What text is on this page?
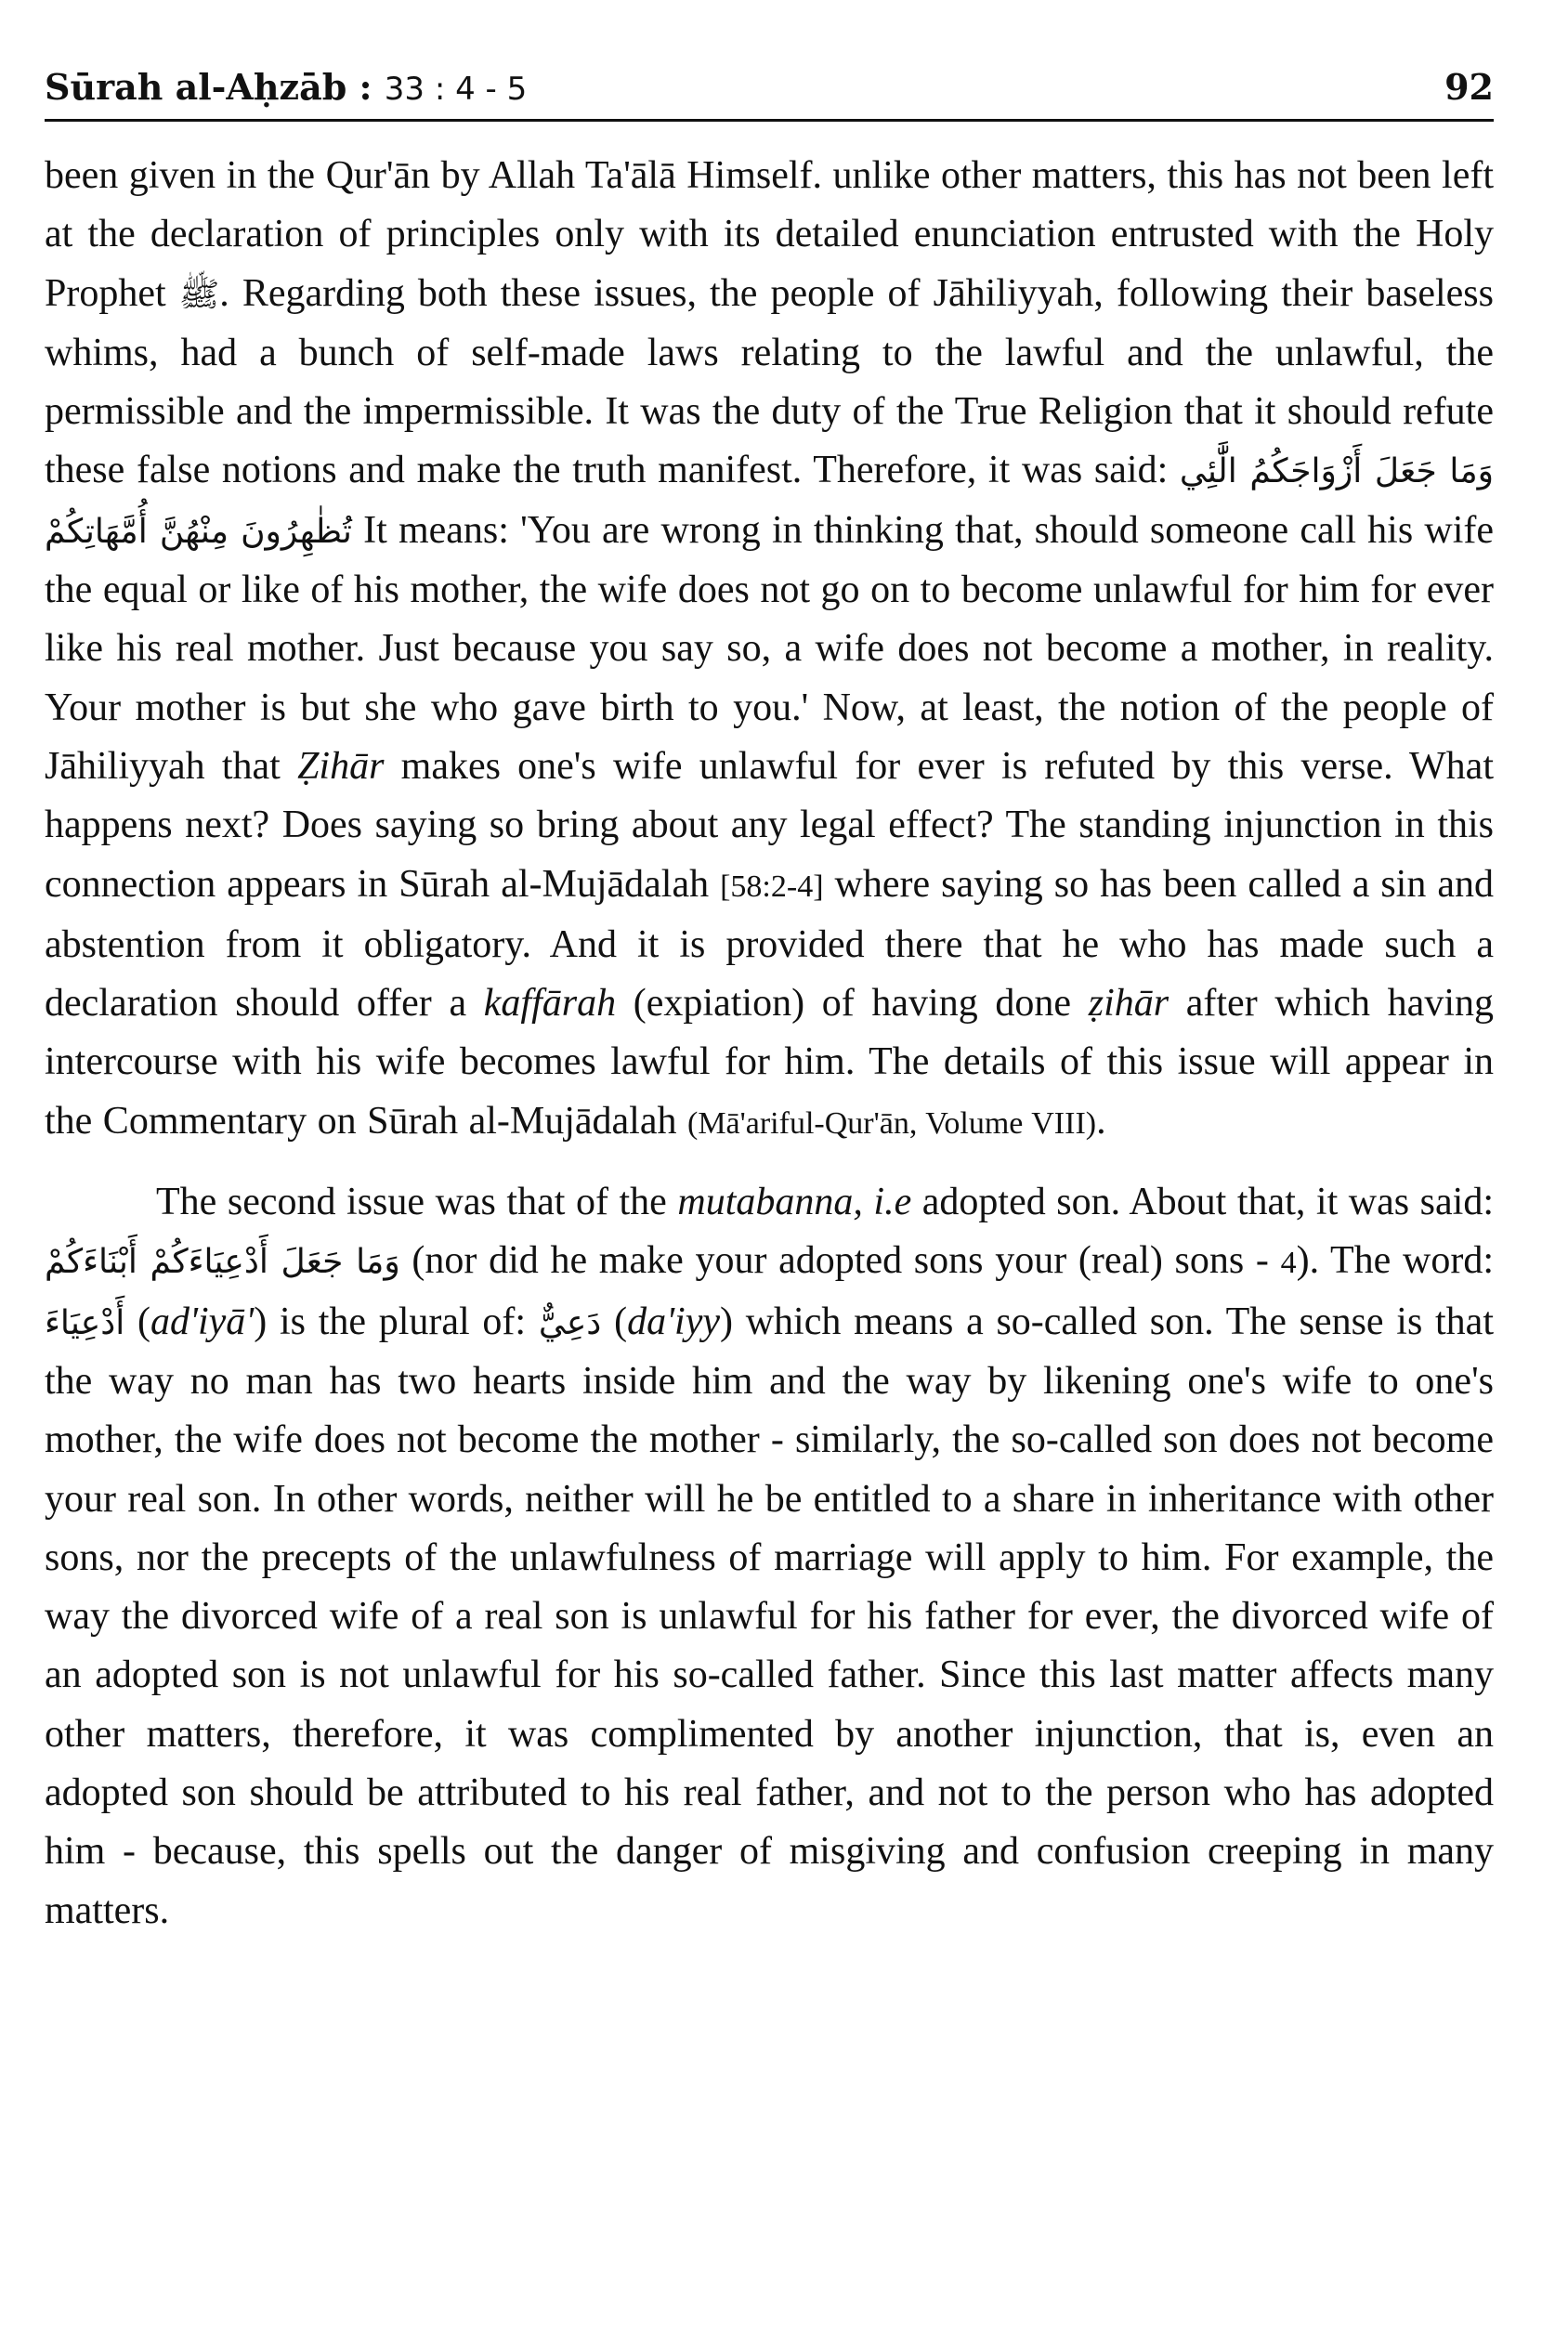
Sūrah al-Aḥzāb : 33 : 4 - 5	92

been given in the Qur'ān by Allah Ta'ālā Himself. unlike other matters, this has not been left at the declaration of principles only with its detailed enunciation entrusted with the Holy Prophet ﷺ. Regarding both these issues, the people of Jāhiliyyah, following their baseless whims, had a bunch of self-made laws relating to the lawful and the unlawful, the permissible and the impermissible. It was the duty of the True Religion that it should refute these false notions and make the truth manifest. Therefore, it was said: وَمَا جَعَلَ أَزْوَاجَكُمُ الَّٰئِي تُظٰهِرُونَ مِنْهُنَّ أُمَّهَاتِكُمْ It means: 'You are wrong in thinking that, should someone call his wife the equal or like of his mother, the wife does not go on to become unlawful for him for ever like his real mother. Just because you say so, a wife does not become a mother, in reality. Your mother is but she who gave birth to you.' Now, at least, the notion of the people of Jāhiliyyah that Ẓihār makes one's wife unlawful for ever is refuted by this verse. What happens next? Does saying so bring about any legal effect? The standing injunction in this connection appears in Sūrah al-Mujādalah [58:2-4] where saying so has been called a sin and abstention from it obligatory. And it is provided there that he who has made such a declaration should offer a kaffārah (expiation) of having done ẓihār after which having intercourse with his wife becomes lawful for him. The details of this issue will appear in the Commentary on Sūrah al-Mujādalah (Mā'ariful-Qur'ān, Volume VIII).

The second issue was that of the mutabanna, i.e adopted son. About that, it was said: وَمَا جَعَلَ أَدْعِيَاءَكُمْ أَبْنَاءَكُمْ (nor did he make your adopted sons your (real) sons - 4). The word: أَدْعِيَاءَ (ad'iyā') is the plural of: دَعِيٌّ (da'iyy) which means a so-called son. The sense is that the way no man has two hearts inside him and the way by likening one's wife to one's mother, the wife does not become the mother - similarly, the so-called son does not become your real son. In other words, neither will he be entitled to a share in inheritance with other sons, nor the precepts of the unlawfulness of marriage will apply to him. For example, the way the divorced wife of a real son is unlawful for his father for ever, the divorced wife of an adopted son is not unlawful for his so-called father. Since this last matter affects many other matters, therefore, it was complimented by another injunction, that is, even an adopted son should be attributed to his real father, and not to the person who has adopted him - because, this spells out the danger of misgiving and confusion creeping in many matters.
